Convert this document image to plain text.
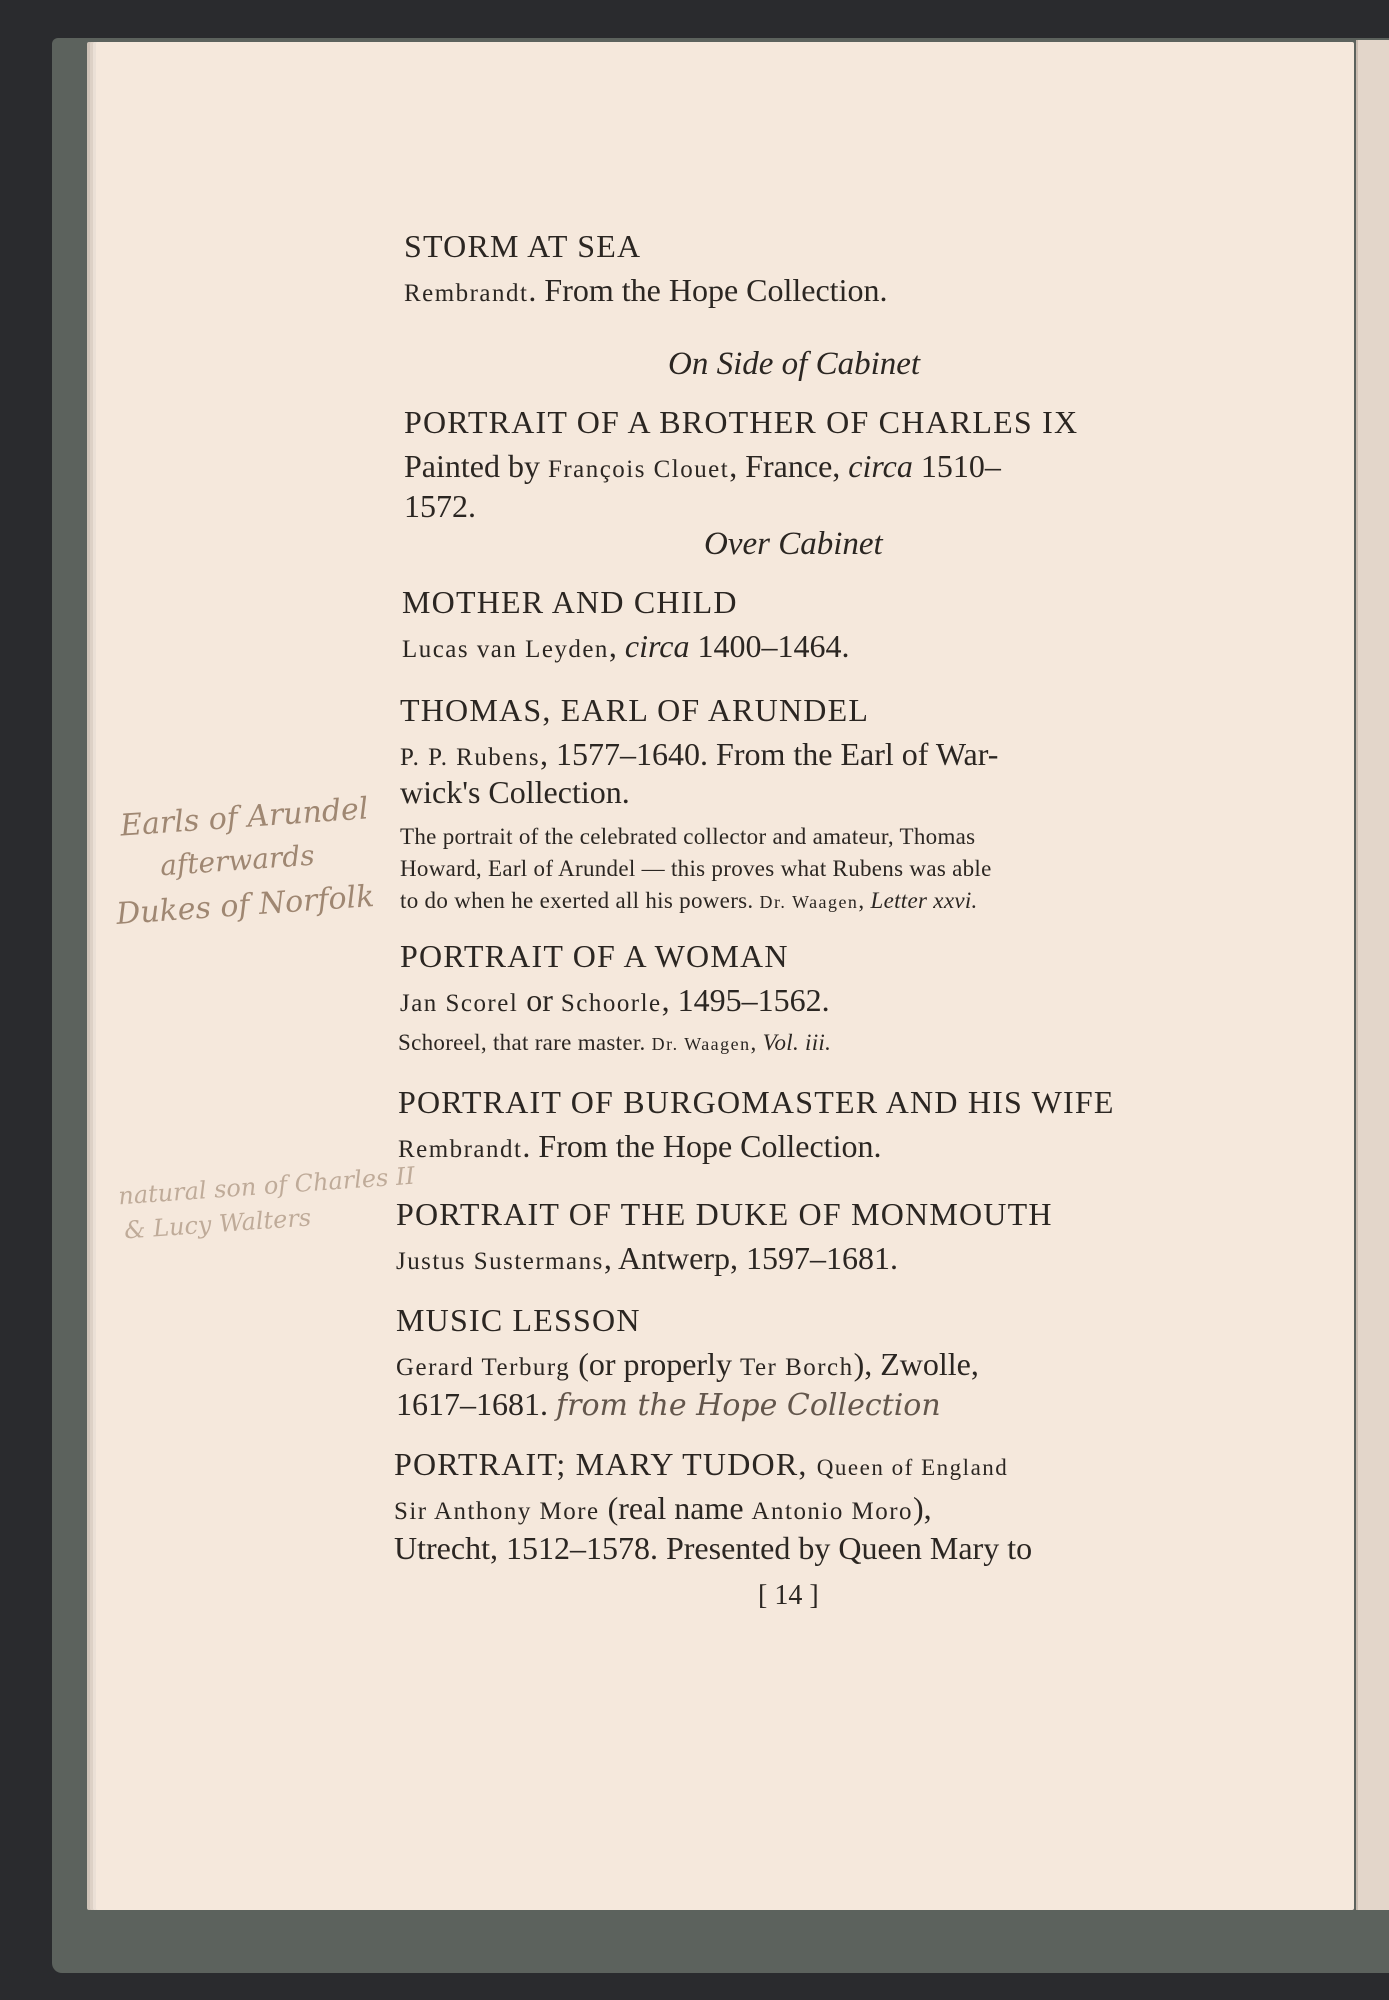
STORM AT SEA
Rembrandt. From the Hope Collection.
On Side of Cabinet
PORTRAIT OF A BROTHER OF CHARLES IX
Painted by François Clouet, France, circa 1510–
1572.
Over Cabinet
MOTHER AND CHILD
Lucas van Leyden, circa 1400–1464.
THOMAS, EARL OF ARUNDEL
P. P. Rubens, 1577–1640. From the Earl of War-
wick's Collection.
The portrait of the celebrated collector and amateur, Thomas
Howard, Earl of Arundel — this proves what Rubens was able
to do when he exerted all his powers. Dr. Waagen, Letter xxvi.
PORTRAIT OF A WOMAN
Jan Scorel or Schoorle, 1495–1562.
Schoreel, that rare master. Dr. Waagen, Vol. iii.
PORTRAIT OF BURGOMASTER AND HIS WIFE
Rembrandt. From the Hope Collection.
PORTRAIT OF THE DUKE OF MONMOUTH
Justus Sustermans, Antwerp, 1597–1681.
MUSIC LESSON
Gerard Terburg (or properly Ter Borch), Zwolle,
1617–1681. from the Hope Collection
PORTRAIT; MARY TUDOR, Queen of England
Sir Anthony More (real name Antonio Moro),
Utrecht, 1512–1578. Presented by Queen Mary to
[ 14 ]
Earls of Arundel
afterwards
Dukes of Norfolk
natural son of Charles II
& Lucy Walters
